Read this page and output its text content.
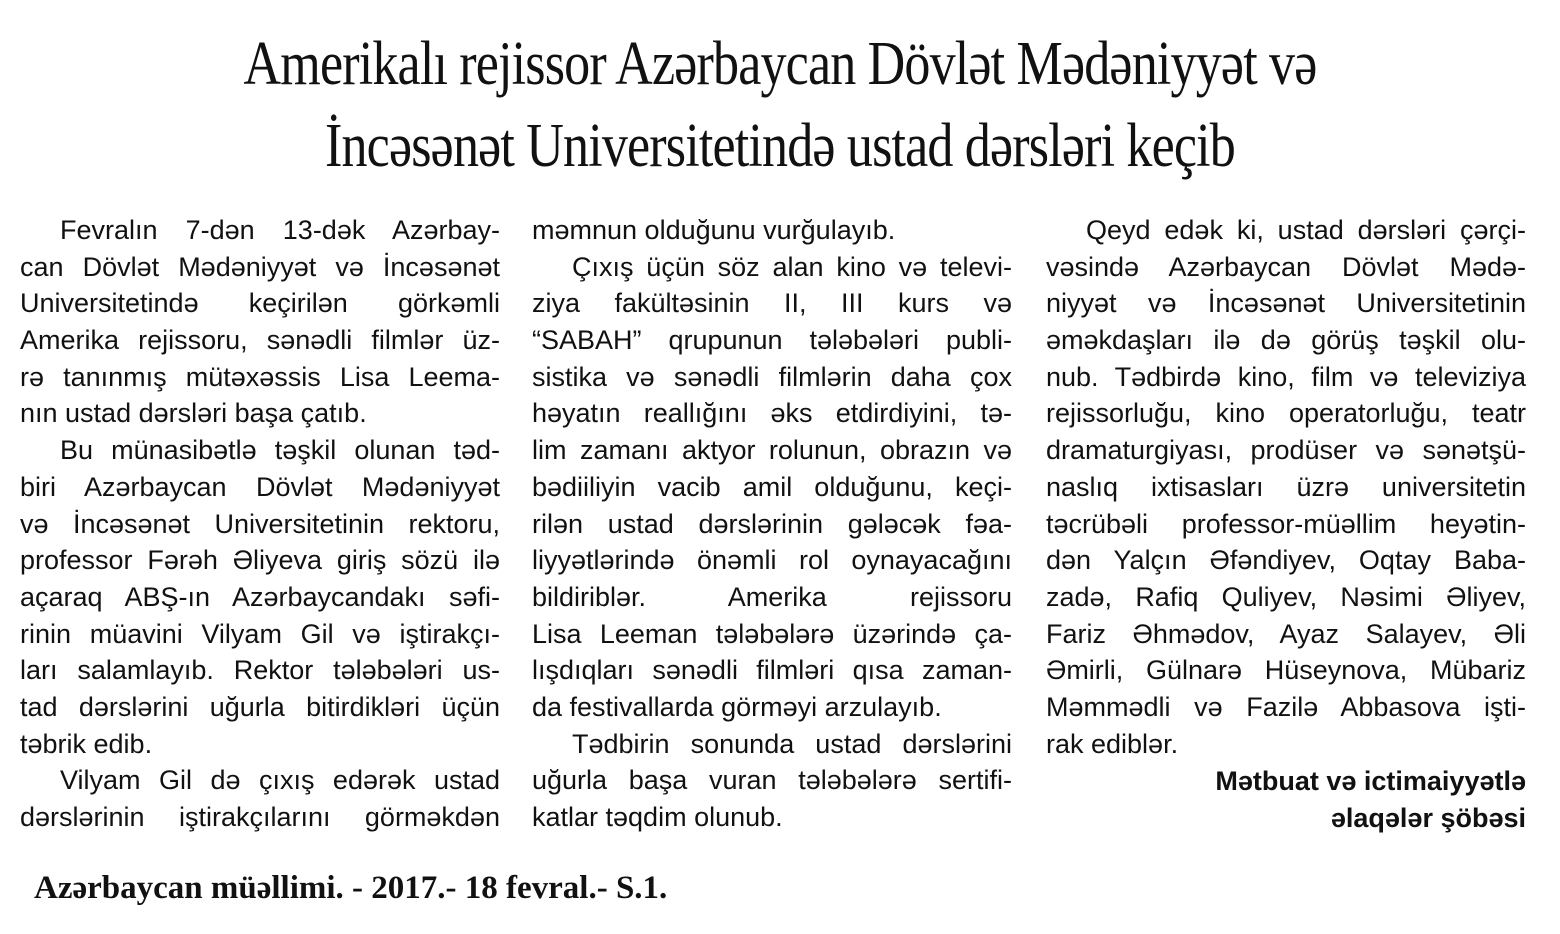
Amerikalı rejissor Azərbaycan Dövlət Mədəniyyət və
İncəsənət Universitetində ustad dərsləri keçib
Fevralın 7-dən 13-dək Azərbay-
can Dövlət Mədəniyyət və İncəsənət
Universitetində keçirilən görkəmli
Amerika rejissoru, sənədli filmlər üz-
rə tanınmış mütəxəssis Lisa Leema-
nın ustad dərsləri başa çatıb.
Bu münasibətlə təşkil olunan təd-
biri Azərbaycan Dövlət Mədəniyyət
və İncəsənət Universitetinin rektoru,
professor Fərəh Əliyeva giriş sözü ilə
açaraq ABŞ-ın Azərbaycandakı səfi-
rinin müavini Vilyam Gil və iştirakçı-
ları salamlayıb. Rektor tələbələri us-
tad dərslərini uğurla bitirdikləri üçün
təbrik edib.
Vilyam Gil də çıxış edərək ustad
dərslərinin iştirakçılarını görməkdən
məmnun olduğunu vurğulayıb.
Çıxış üçün söz alan kino və televi-
ziya fakültəsinin II, III kurs və
“SABAH” qrupunun tələbələri publi-
sistika və sənədli filmlərin daha çox
həyatın reallığını əks etdirdiyini, tə-
lim zamanı aktyor rolunun, obrazın və
bədiiliyin vacib amil olduğunu, keçi-
rilən ustad dərslərinin gələcək fəa-
liyyətlərində önəmli rol oynayacağını
bildiriblər. Amerika rejissoru
Lisa Leeman tələbələrə üzərində ça-
lışdıqları sənədli filmləri qısa zaman-
da festivallarda görməyi arzulayıb.
Tədbirin sonunda ustad dərslərini
uğurla başa vuran tələbələrə sertifi-
katlar təqdim olunub.
Qeyd edək ki, ustad dərsləri çərçi-
vəsində Azərbaycan Dövlət Mədə-
niyyət və İncəsənət Universitetinin
əməkdaşları ilə də görüş təşkil olu-
nub. Tədbirdə kino, film və televiziya
rejissorluğu, kino operatorluğu, teatr
dramaturgiyası, prodüser və sənətşü-
naslıq ixtisasları üzrə universitetin
təcrübəli professor-müəllim heyətin-
dən Yalçın Əfəndiyev, Oqtay Baba-
zadə, Rafiq Quliyev, Nəsimi Əliyev,
Fariz Əhmədov, Ayaz Salayev, Əli
Əmirli, Gülnarə Hüseynova, Mübariz
Məmmədli və Fazilə Abbasova işti-
rak ediblər.
Mətbuat və ictimaiyyətlə
əlaqələr şöbəsi
Azərbaycan müəllimi. - 2017.- 18 fevral.- S.1.
